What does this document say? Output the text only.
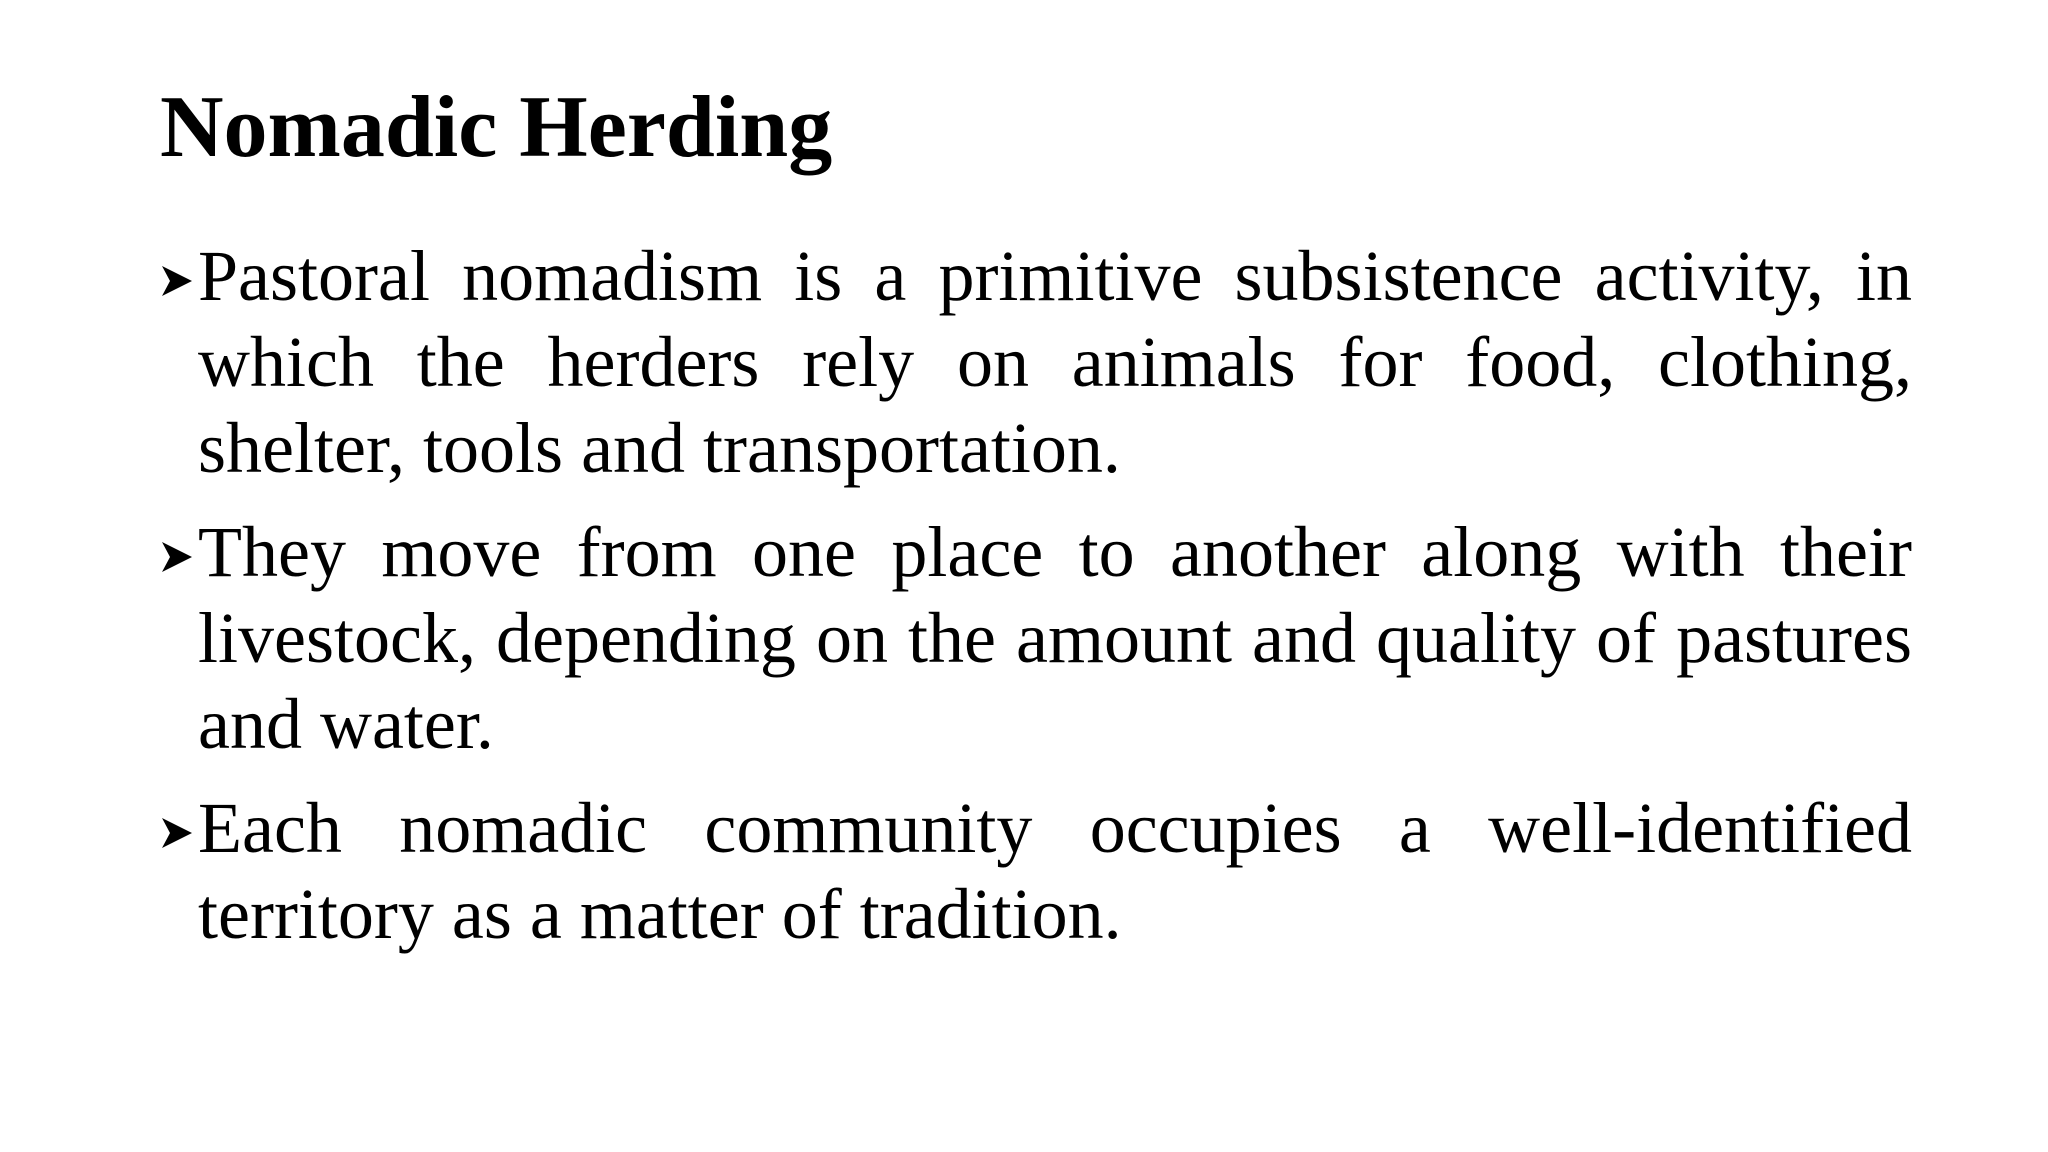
Nomadic Herding
Pastoral nomadism is a primitive subsistence activity, in which the herders rely on animals for food, clothing, shelter, tools and transportation.
They move from one place to another along with their livestock, depending on the amount and quality of pastures and water.
Each nomadic community occupies a well-identified territory as a matter of tradition.
